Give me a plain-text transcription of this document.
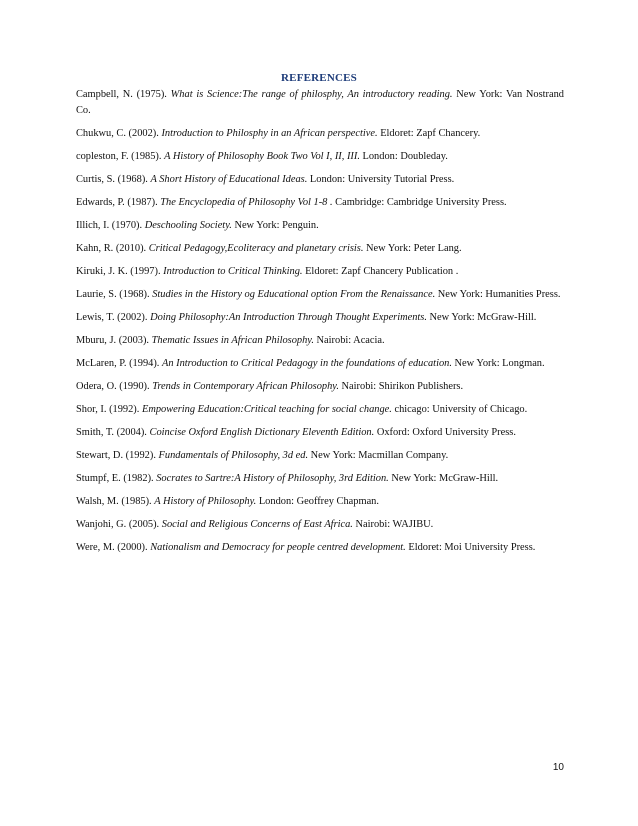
REFERENCES

Campbell, N. (1975). What is Science:The range of philosphy, An introductory reading. New York: Van Nostrand Co.

Chukwu, C. (2002). Introduction to Philosphy in an African perspective. Eldoret: Zapf Chancery.

copleston, F. (1985). A History of Philosophy Book Two Vol I, II, III. London: Doubleday.

Curtis, S. (1968). A Short History of Educational Ideas. London: University Tutorial Press.

Edwards, P. (1987). The Encyclopedia of Philosophy Vol 1-8 . Cambridge: Cambridge University Press.

Illich, I. (1970). Deschooling Society. New York: Penguin.

Kahn, R. (2010). Critical Pedagogy,Ecoliteracy and planetary crisis. New York: Peter Lang.

Kiruki, J. K. (1997). Introduction to Critical Thinking. Eldoret: Zapf Chancery Publication .

Laurie, S. (1968). Studies in the History og Educational option From the Renaissance. New York: Humanities Press.

Lewis, T. (2002). Doing Philosophy:An Introduction Through Thought Experiments. New York: McGraw-Hill.

Mburu, J. (2003). Thematic Issues in African Philosophy. Nairobi: Acacia.

McLaren, P. (1994). An Introduction to Critical Pedagogy in the foundations of education. New York: Longman.

Odera, O. (1990). Trends in Contemporary African Philosophy. Nairobi: Shirikon Publishers.

Shor, I. (1992). Empowering Education:Critical teaching for social change. chicago: University of Chicago.

Smith, T. (2004). Coincise Oxford English Dictionary Eleventh Edition. Oxford: Oxford University Press.

Stewart, D. (1992). Fundamentals of Philosophy, 3d ed. New York: Macmillan Company.

Stumpf, E. (1982). Socrates to Sartre:A History of Philosophy, 3rd Edition. New York: McGraw-Hill.

Walsh, M. (1985). A History of Philosophy. London: Geoffrey Chapman.

Wanjohi, G. (2005). Social and Religious Concerns of East Africa. Nairobi: WAJIBU.

Were, M. (2000). Nationalism and Democracy for people centred development. Eldoret: Moi University Press.

10
